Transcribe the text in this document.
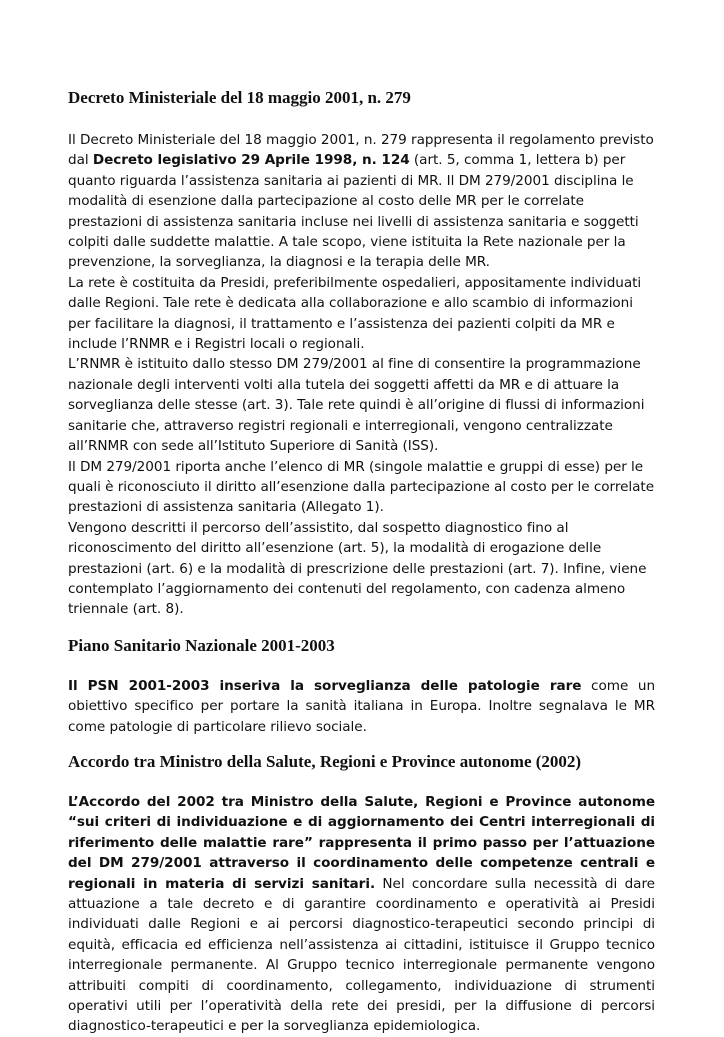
Decreto Ministeriale del 18 maggio 2001, n. 279

Il Decreto Ministeriale del 18 maggio 2001, n. 279 rappresenta il regolamento previsto dal Decreto legislativo 29 Aprile 1998, n. 124 (art. 5, comma 1, lettera b) per quanto riguarda l’assistenza sanitaria ai pazienti di MR. Il DM 279/2001 disciplina le modalità di esenzione dalla partecipazione al costo delle MR per le correlate prestazioni di assistenza sanitaria incluse nei livelli di assistenza sanitaria e soggetti colpiti dalle suddette malattie. A tale scopo, viene istituita la Rete nazionale per la prevenzione, la sorveglianza, la diagnosi e la terapia delle MR.

La rete è costituita da Presidi, preferibilmente ospedalieri, appositamente individuati dalle Regioni. Tale rete è dedicata alla collaborazione e allo scambio di informazioni per facilitare la diagnosi, il trattamento e l’assistenza dei pazienti colpiti da MR e include l’RNMR e i Registri locali o regionali.

L’RNMR è istituito dallo stesso DM 279/2001 al fine di consentire la programmazione nazionale degli interventi volti alla tutela dei soggetti affetti da MR e di attuare la sorveglianza delle stesse (art. 3). Tale rete quindi è all’origine di flussi di informazioni sanitarie che, attraverso registri regionali e interregionali, vengono centralizzate all’RNMR con sede all’Istituto Superiore di Sanità (ISS).

Il DM 279/2001 riporta anche l’elenco di MR (singole malattie e gruppi di esse) per le quali è riconosciuto il diritto all’esenzione dalla partecipazione al costo per le correlate prestazioni di assistenza sanitaria (Allegato 1).

Vengono descritti il percorso dell’assistito, dal sospetto diagnostico fino al riconoscimento del diritto all’esenzione (art. 5), la modalità di erogazione delle prestazioni (art. 6) e la modalità di prescrizione delle prestazioni (art. 7). Infine, viene contemplato l’aggiornamento dei contenuti del regolamento, con cadenza almeno triennale (art. 8).

Piano Sanitario Nazionale 2001-2003

Il PSN 2001-2003 inseriva la sorveglianza delle patologie rare come un obiettivo specifico per portare la sanità italiana in Europa. Inoltre segnalava le MR come patologie di particolare rilievo sociale.

Accordo tra Ministro della Salute, Regioni e Province autonome (2002)

L’Accordo del 2002 tra Ministro della Salute, Regioni e Province autonome “sui criteri di individuazione e di aggiornamento dei Centri interregionali di riferimento delle malattie rare” rappresenta il primo passo per l’attuazione del DM 279/2001 attraverso il coordinamento delle competenze centrali e regionali in materia di servizi sanitari. Nel concordare sulla necessità di dare attuazione a tale decreto e di garantire coordinamento e operatività ai Presidi individuati dalle Regioni e ai percorsi diagnostico-terapeutici secondo principi di equità, efficacia ed efficienza nell’assistenza ai cittadini, istituisce il Gruppo tecnico interregionale permanente. Al Gruppo tecnico interregionale permanente vengono attribuiti compiti di coordinamento, collegamento, individuazione di strumenti operativi utili per l’operatività della rete dei presidi, per la diffusione di percorsi diagnostico-terapeutici e per la sorveglianza epidemiologica.
